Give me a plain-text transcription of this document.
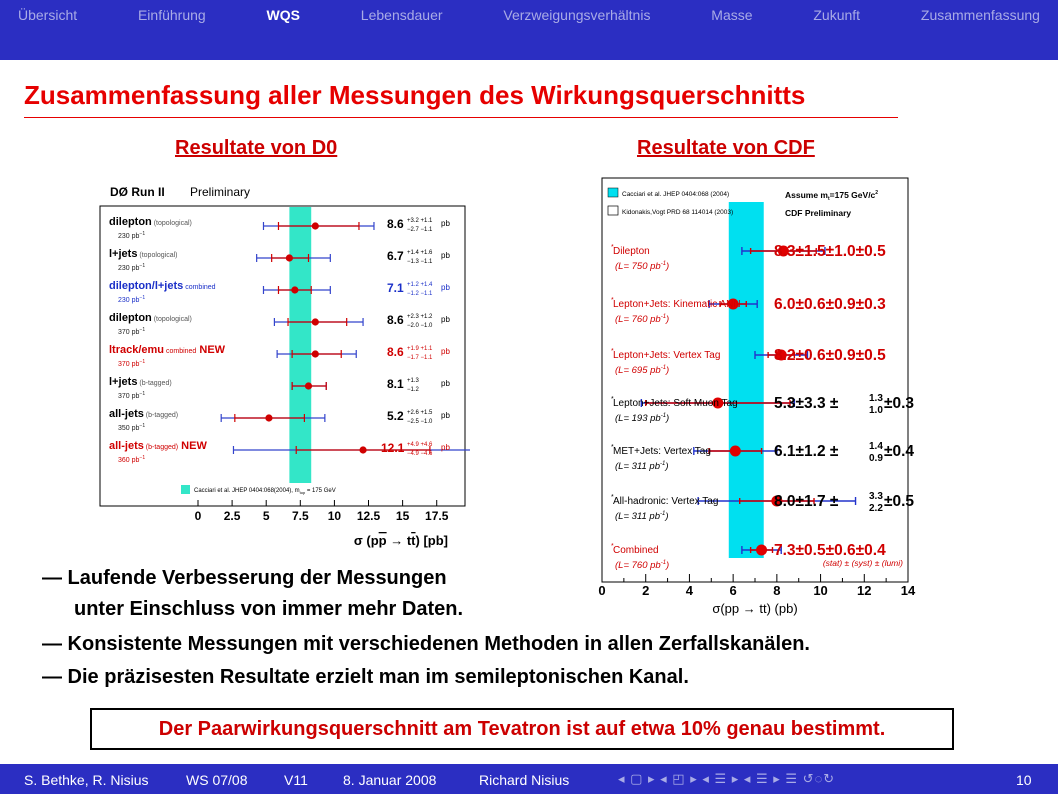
Übersicht	Einführung	WQS	Lebensdauer	Verzweigungsverhältnis	Masse	Zukunft	Zusammenfassung
Zusammenfassung aller Messungen des Wirkungsquerschnitts
Resultate von D0	Resultate von CDF
DØ Run II Preliminary
dilepton (topological)
230 $pb^{-1}$
8.6 +3.2 +1.1
−2.7 −1.1
pb
l+jets (topological)
230 $pb^{-1}$
6.7 +1.4 +1.6
−1.3 −1.1
pb
dilepton/l+jets combined
230 $pb^{-1}$
7.1 +1.2 +1.4
−1.2 −1.1
pb
dilepton (topological)
370 $pb^{-1}$
8.6 +2.3 +1.2
−2.0 −1.0
pb
ltrack/emu combined NEW
370 $pb^{-1}$
8.6 +1.9 +1.1
−1.7 −1.1
pb
l+jets (b-tagged)
370 $pb^{-1}$
8.1 +1.3
−1.2
pb
all-jets (b-tagged)
350 $pb^{-1}$
5.2 +2.6 +1.5
−2.5 −1.0
pb
all-jets (b-tagged) NEW
360 $pb^{-1}$
12.1 +4.9 +4.6
−4.9 −4.6
pb
Cacciari et al. JHEP 0404:068(2004), $m_{top} = 175$ GeV
0 2.5 5 7.5 10 12.5 15 17.5
σ (pp → tt) [pb]
Cacciari et al. JHEP 0404:068 (2004)
Kidonakis,Vogt PRD 68 114014 (2003)
Assume $m_t=175$ GeV/$c^2$
CDF Preliminary
* Dilepton
(L= 750 $pb^{-1}$)
8.3±1.5±1.0±0.5
* Lepton+Jets: Kinematic ANN
(L= 760 $pb^{-1}$)
6.0±0.6±0.9±0.3
* Lepton+Jets: Vertex Tag
(L= 695 $pb^{-1}$)
8.2±0.6±0.9±0.5
* Lepton+Jets: Soft Muon Tag
(L= 193 $pb^{-1}$)
5.3±3.3 ±	1.3
1.0 ±0.3
* MET+Jets: Vertex Tag
(L= 311 $pb^{-1}$)
6.1±1.2 ±	1.4
0.9 ±0.4
* All-hadronic: Vertex Tag
(L= 311 $pb^{-1}$)
8.0±1.7 ±	3.3
2.2 ±0.5
* Combined
(L= 760 $pb^{-1}$)
7.3±0.5±0.6±0.4
(stat) ± (syst) ± (lumi)
0	2	4	6	8	10 12 14
σ(pp → tt) (pb)
— Laufende Verbesserung der Messungen
unter Einschluss von immer mehr Daten.
— Konsistente Messungen mit verschiedenen Methoden in allen Zerfallskanälen.
— Die präzisesten Resultate erzielt man im semileptonischen Kanal.
Der Paarwirkungsquerschnitt am Tevatron ist auf etwa 10% genau bestimmt.
S. Bethke, R. Nisius	WS 07/08	V11	8. Januar 2008	Richard Nisius	◂ ▢ ▸ ◂ ◰ ▸ ◂ ☰ ▸ ◂ ☰ ▸ ☰ ↺◌↻	10
